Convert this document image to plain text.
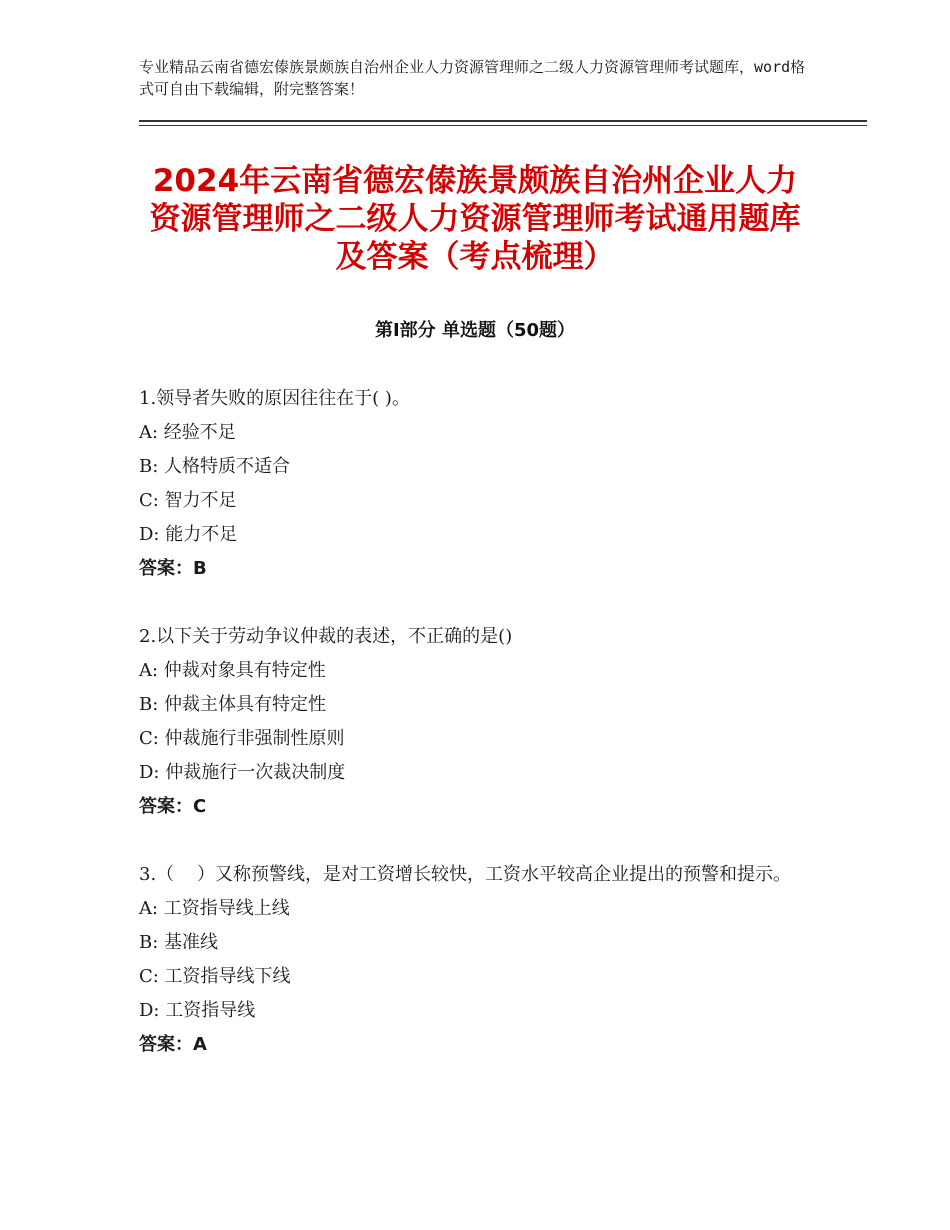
专业精品云南省德宏傣族景颇族自治州企业人力资源管理师之二级人力资源管理师考试题库，word格式可自由下载编辑，附完整答案！
2024年云南省德宏傣族景颇族自治州企业人力资源管理师之二级人力资源管理师考试通用题库及答案（考点梳理）
第Ⅰ部分 单选题（50题）

1.领导者失败的原因往往在于( )。

A: 经验不足
B: 人格特质不适合
C: 智力不足
D: 能力不足
答案：B

2.以下关于劳动争议仲裁的表述，不正确的是()

A: 仲裁对象具有特定性
B: 仲裁主体具有特定性
C: 仲裁施行非强制性原则
D: 仲裁施行一次裁决制度
答案：C

3.（    ）又称预警线，是对工资增长较快，工资水平较高企业提出的预警和提示。

A: 工资指导线上线
B: 基准线
C: 工资指导线下线
D: 工资指导线
答案：A
